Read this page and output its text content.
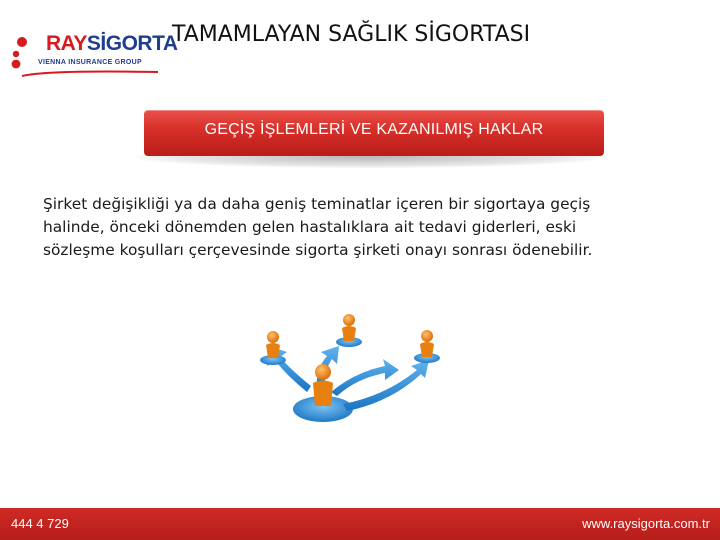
RAYSİGORTA
VIENNA INSURANCE GROUP
TAMAMLAYAN SAĞLIK SİGORTASI
GEÇİŞ İŞLEMLERİ VE KAZANILMIŞ HAKLAR

Şirket değişikliği ya da daha geniş teminatlar içeren bir sigortaya geçiş
halinde, önceki dönemden gelen hastalıklara ait tedavi giderleri, eski
sözleşme koşulları çerçevesinde sigorta şirketi onayı sonrası ödenebilir.

444 4 729	www.raysigorta.com.tr
